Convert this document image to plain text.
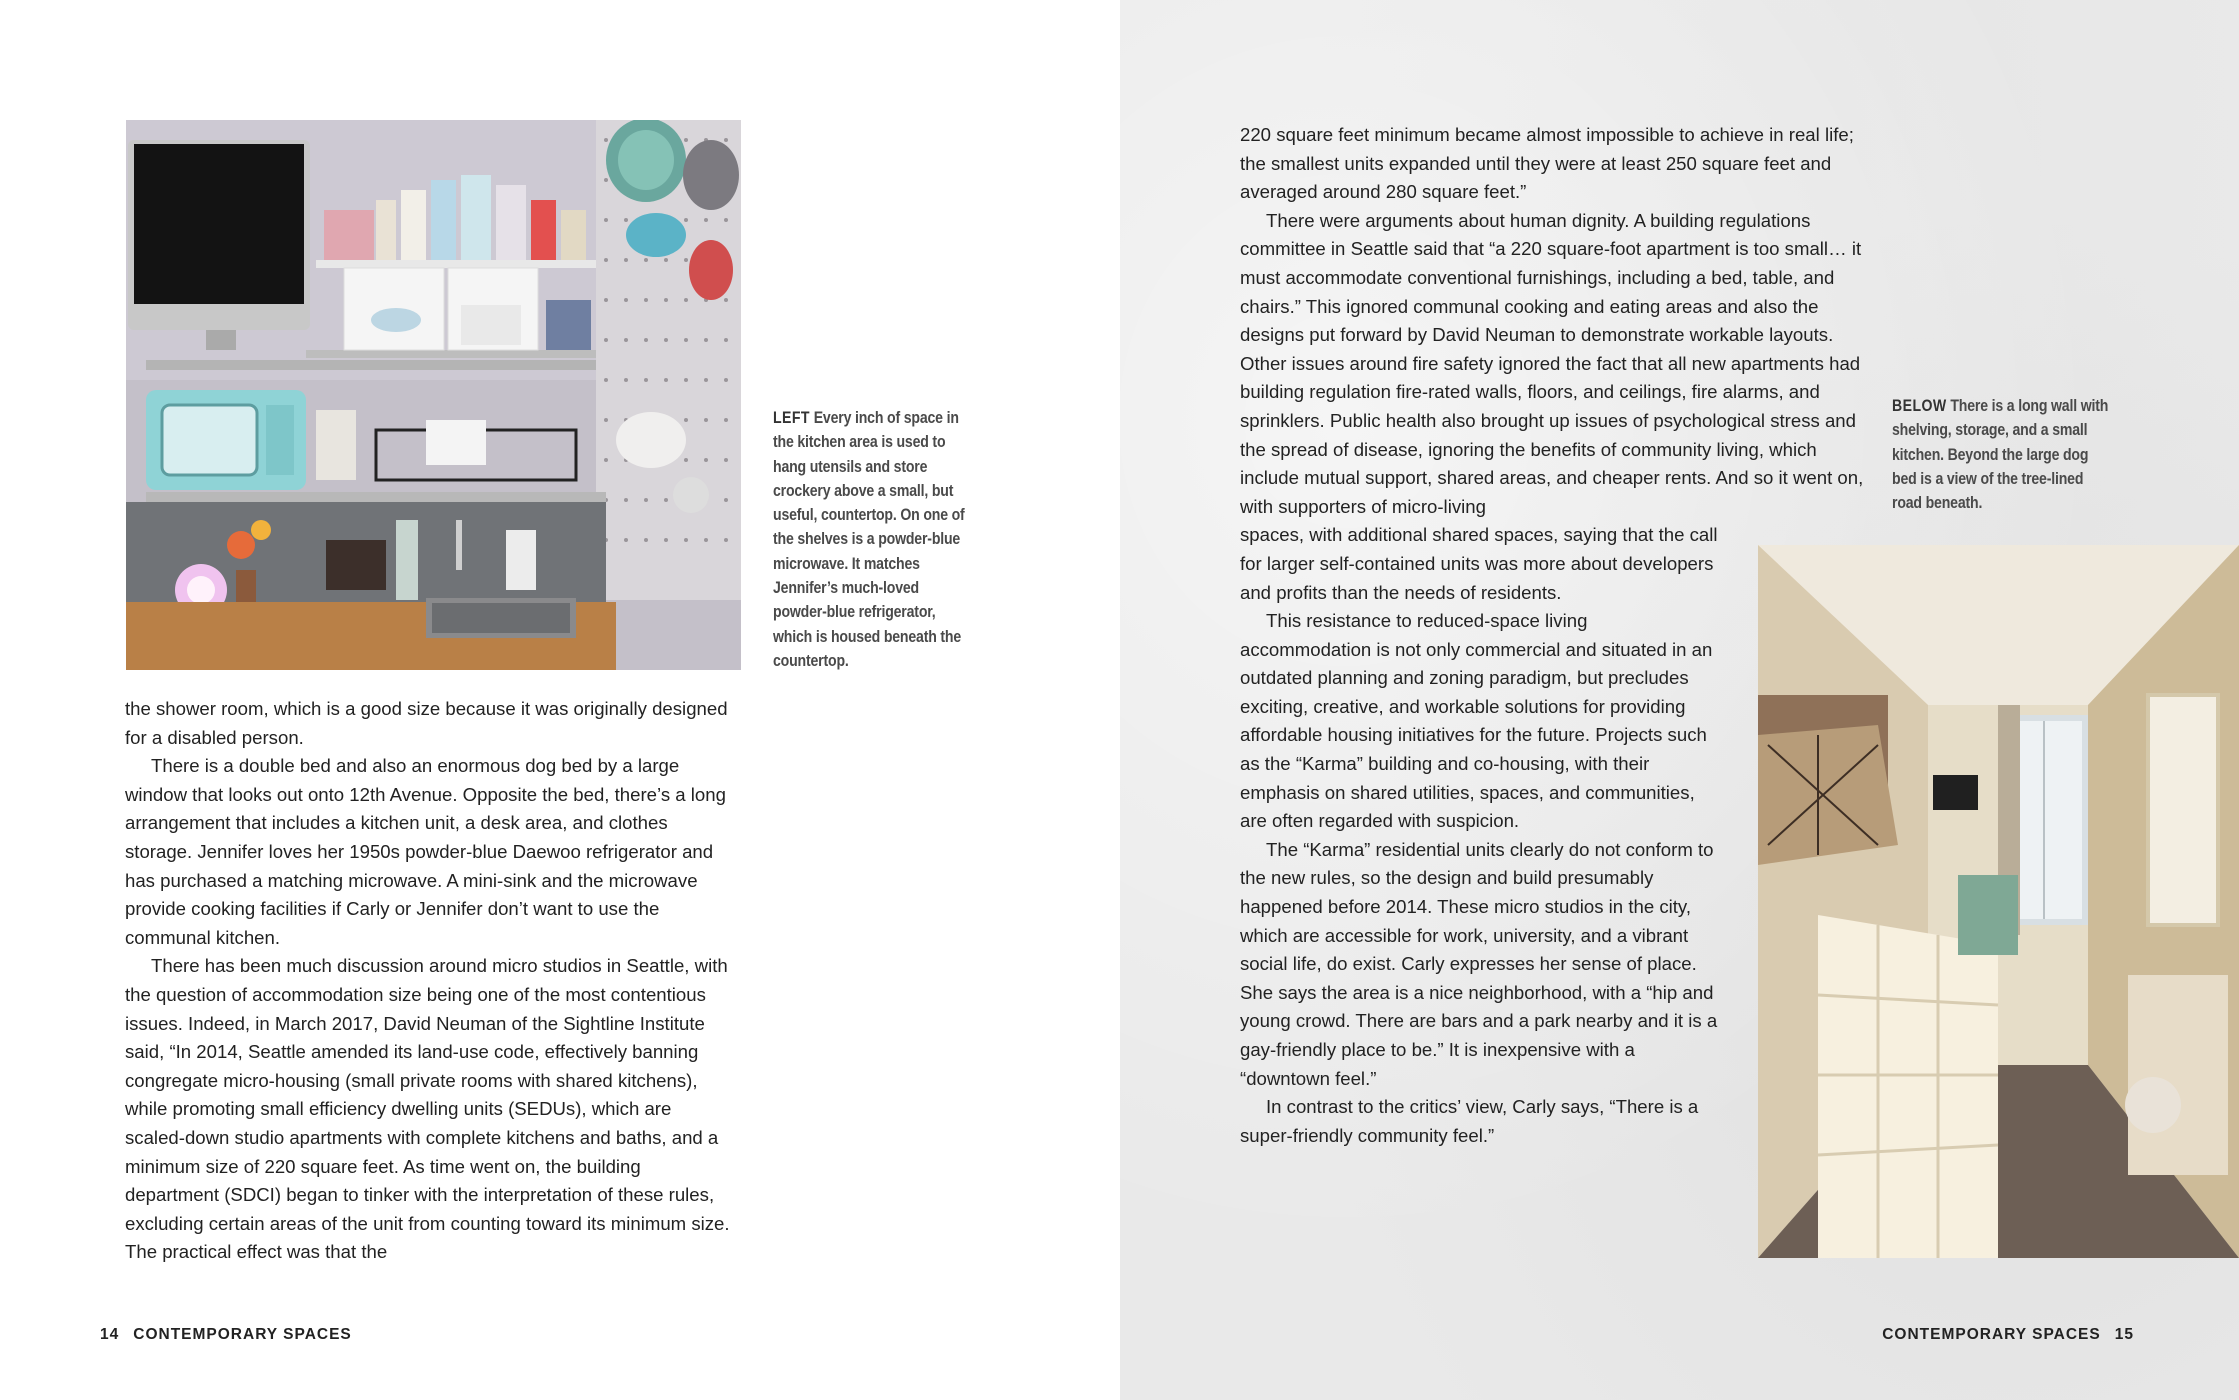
LEFT Every inch of space in the kitchen area is used to hang utensils and store crockery above a small, but useful, countertop. On one of the shelves is a powder-blue microwave. It matches Jennifer’s much-loved powder-blue refrigerator, which is housed beneath the countertop.

the shower room, which is a good size because it was originally designed for a disabled person.

There is a double bed and also an enormous dog bed by a large window that looks out onto 12th Avenue. Opposite the bed, there’s a long arrangement that includes a kitchen unit, a desk area, and clothes storage. Jennifer loves her 1950s powder-blue Daewoo refrigerator and has purchased a matching microwave. A mini-sink and the microwave provide cooking facilities if Carly or Jennifer don’t want to use the communal kitchen.

There has been much discussion around micro studios in Seattle, with the question of accommodation size being one of the most contentious issues. Indeed, in March 2017, David Neuman of the Sightline Institute said, “In 2014, Seattle amended its land-use code, effectively banning congregate micro-housing (small private rooms with shared kitchens), while promoting small efficiency dwelling units (SEDUs), which are scaled-down studio apartments with complete kitchens and baths, and a minimum size of 220 square feet. As time went on, the building department (SDCI) began to tinker with the interpretation of these rules, excluding certain areas of the unit from counting toward its minimum size. The practical effect was that the

14 CONTEMPORARY SPACES

220 square feet minimum became almost impossible to achieve in real life; the smallest units expanded until they were at least 250 square feet and averaged around 280 square feet.”

There were arguments about human dignity. A building regulations committee in Seattle said that “a 220 square-foot apartment is too small… it must accommodate conventional furnishings, including a bed, table, and chairs.” This ignored communal cooking and eating areas and also the designs put forward by David Neuman to demonstrate workable layouts. Other issues around fire safety ignored the fact that all new apartments had building regulation fire-rated walls, floors, and ceilings, fire alarms, and sprinklers. Public health also brought up issues of psychological stress and the spread of disease, ignoring the benefits of community living, which include mutual support, shared areas, and cheaper rents. And so it went on, with supporters of micro-living

spaces, with additional shared spaces, saying that the call for larger self-contained units was more about developers and profits than the needs of residents.

This resistance to reduced-space living accommodation is not only commercial and situated in an outdated planning and zoning paradigm, but precludes exciting, creative, and workable solutions for providing affordable housing initiatives for the future. Projects such as the “Karma” building and co-housing, with their emphasis on shared utilities, spaces, and communities, are often regarded with suspicion.

The “Karma” residential units clearly do not conform to the new rules, so the design and build presumably happened before 2014. These micro studios in the city, which are accessible for work, university, and a vibrant social life, do exist. Carly expresses her sense of place. She says the area is a nice neighborhood, with a “hip and young crowd. There are bars and a park nearby and it is a gay-friendly place to be.” It is inexpensive with a “downtown feel.”

In contrast to the critics’ view, Carly says, “There is a super-friendly community feel.”

BELOW There is a long wall with shelving, storage, and a small kitchen. Beyond the large dog bed is a view of the tree-lined road beneath.
CONTEMPORARY SPACES 15
